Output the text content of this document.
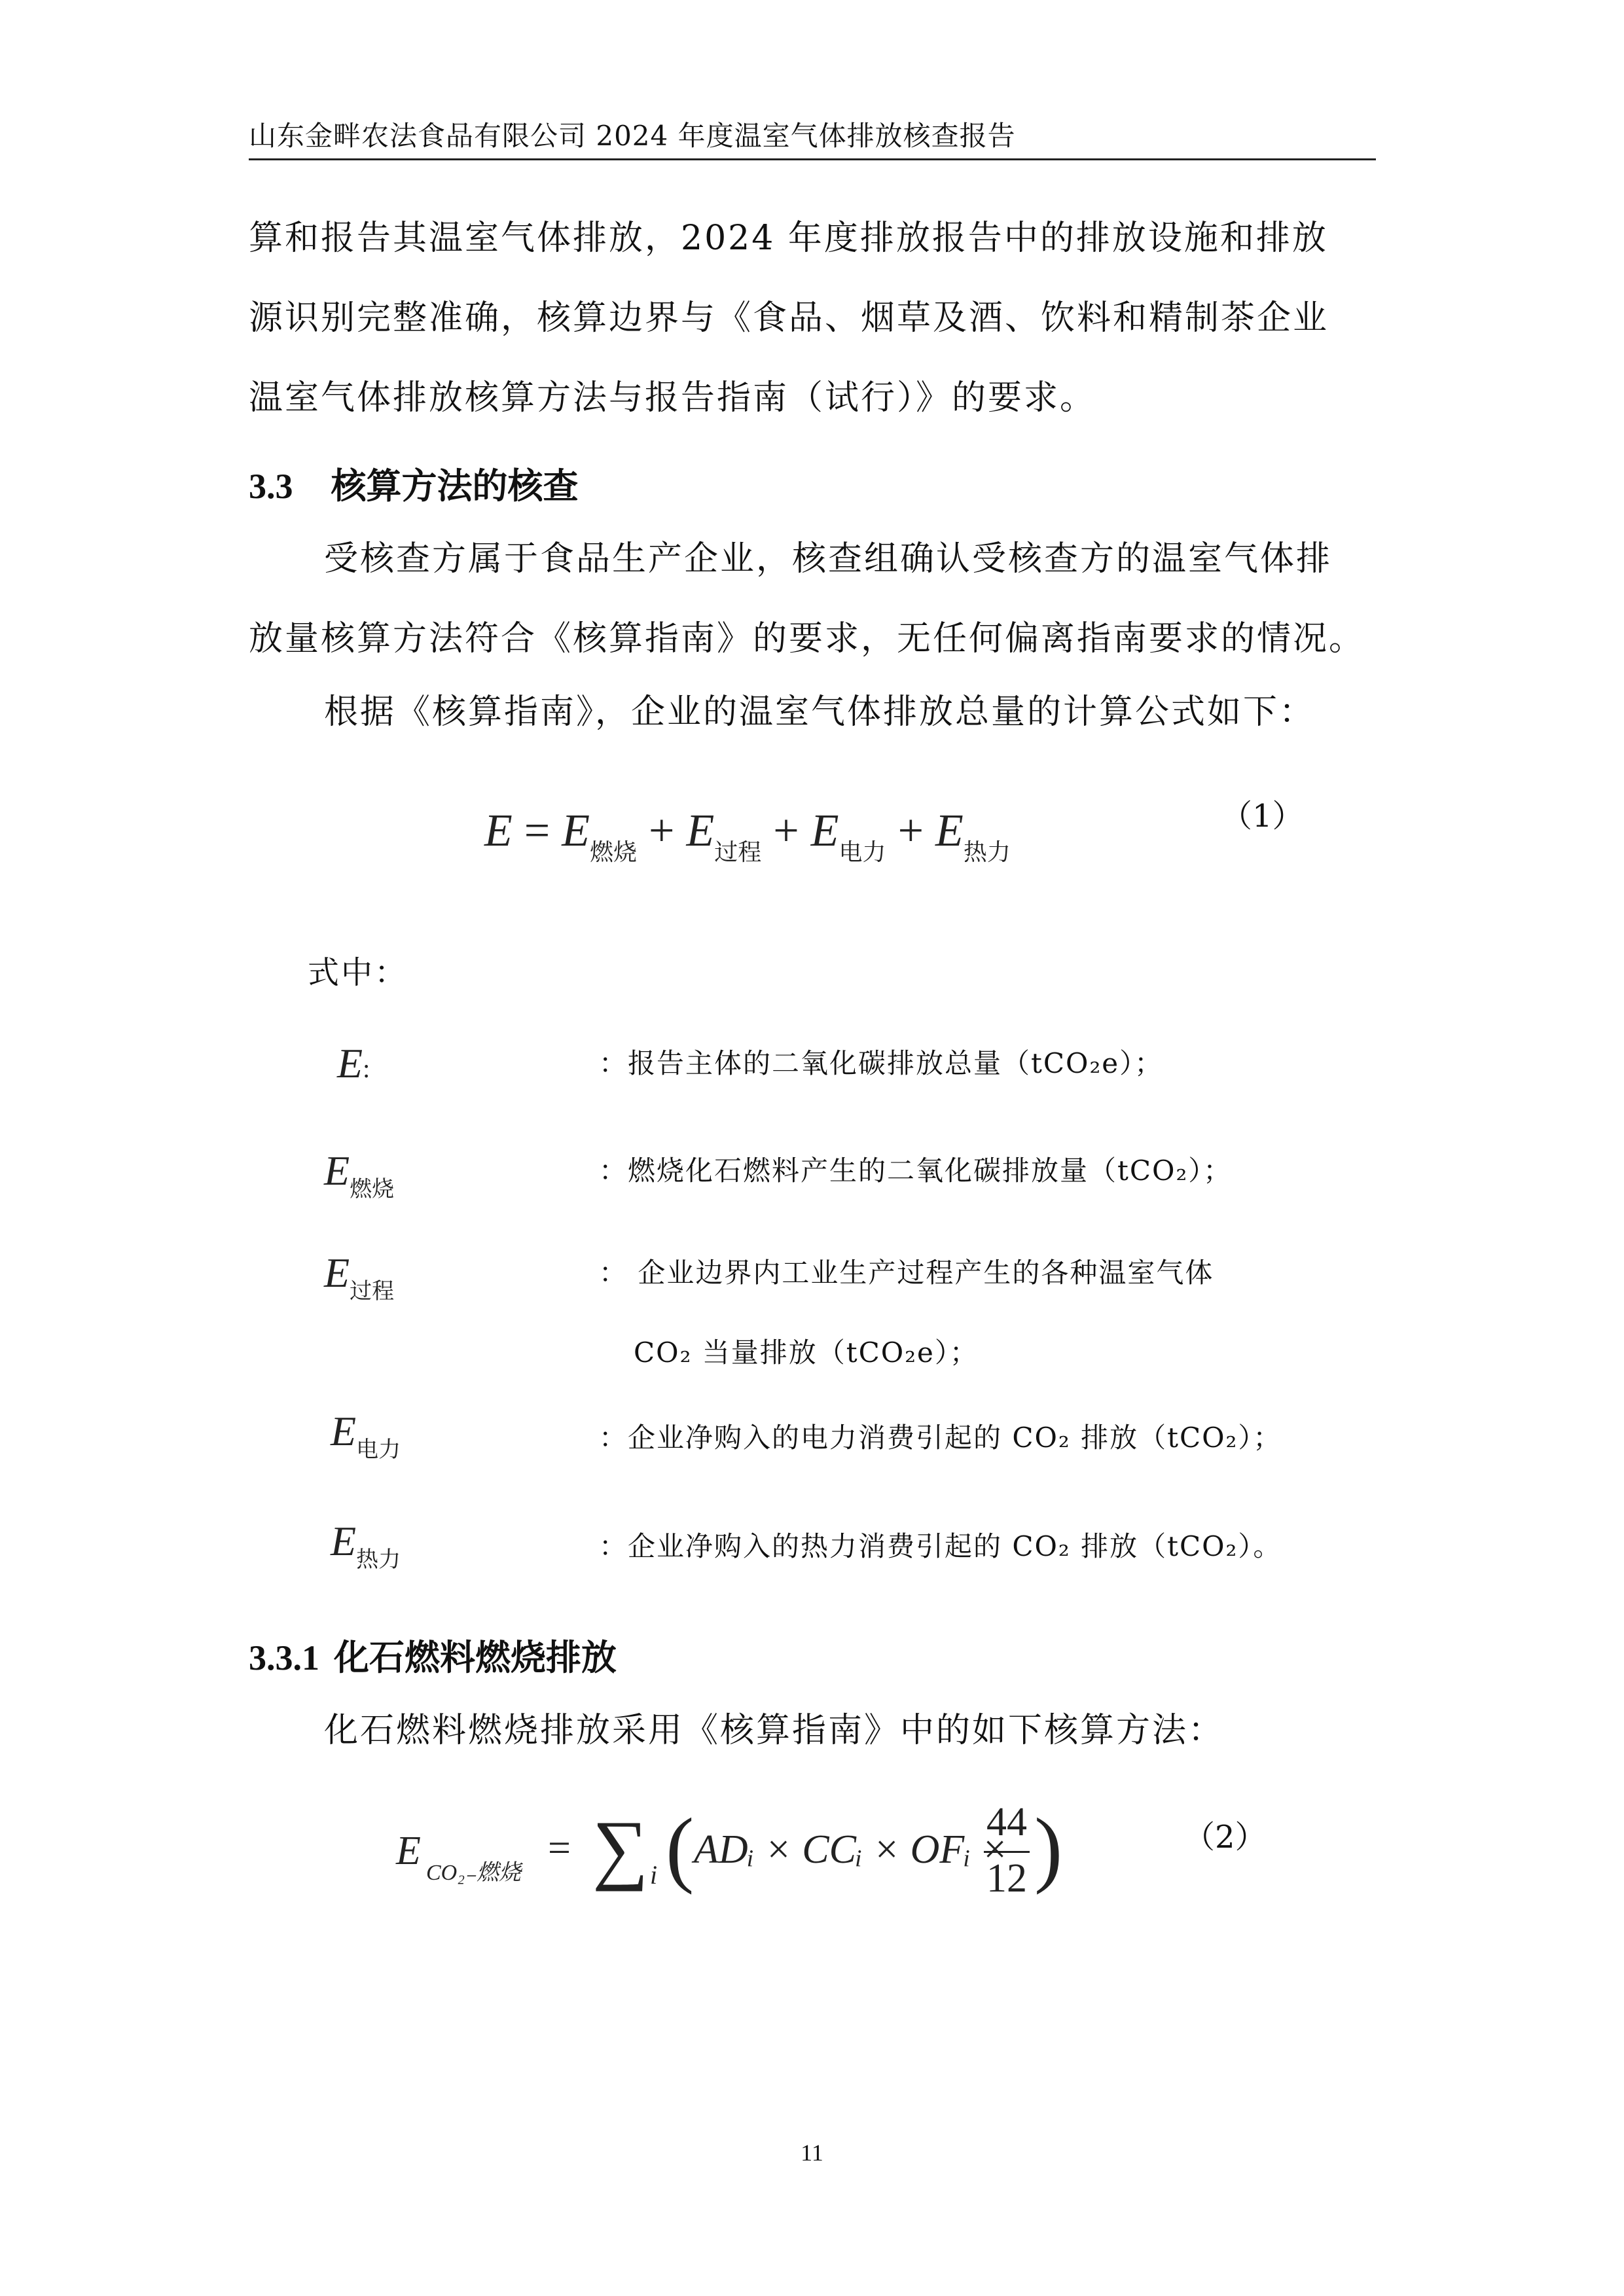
山东金畔农法食品有限公司 2024 年度温室气体排放核查报告
算和报告其温室气体排放，2024 年度排放报告中的排放设施和排放
源识别完整准确，核算边界与《食品、烟草及酒、饮料和精制茶企业
温室气体排放核算方法与报告指南（试行）》的要求。
3.3 核算方法的核查
受核查方属于食品生产企业，核查组确认受核查方的温室气体排
放量核算方法符合《核算指南》的要求，无任何偏离指南要求的情况。
根据《核算指南》，企业的温室气体排放总量的计算公式如下：
$E = E_{燃烧} + E_{过程} + E_{电力} + E_{热力}$
（1）
式中：
E:	：报告主体的二氧化碳排放总量（tCO₂e）；
$E_{燃烧}$
：燃烧化石燃料产生的二氧化碳排放量（tCO₂）；
$E_{过程}$
： 企业边界内工业生产过程产生的各种温室气体
CO₂ 当量排放（tCO₂e）；
$E_{电力}$	：企业净购入的电力消费引起的 CO₂ 排放（tCO₂）；
$E_{热力}$	：企业净购入的热力消费引起的 CO₂ 排放（tCO₂）。
3.3.1 化石燃料燃烧排放
化石燃料燃烧排放采用《核算指南》中的如下核算方法：
E CO₂₋燃烧
= ∑ i ( ADᵢ × CCᵢ × OFᵢ ×
44
12 )	（2）
11
